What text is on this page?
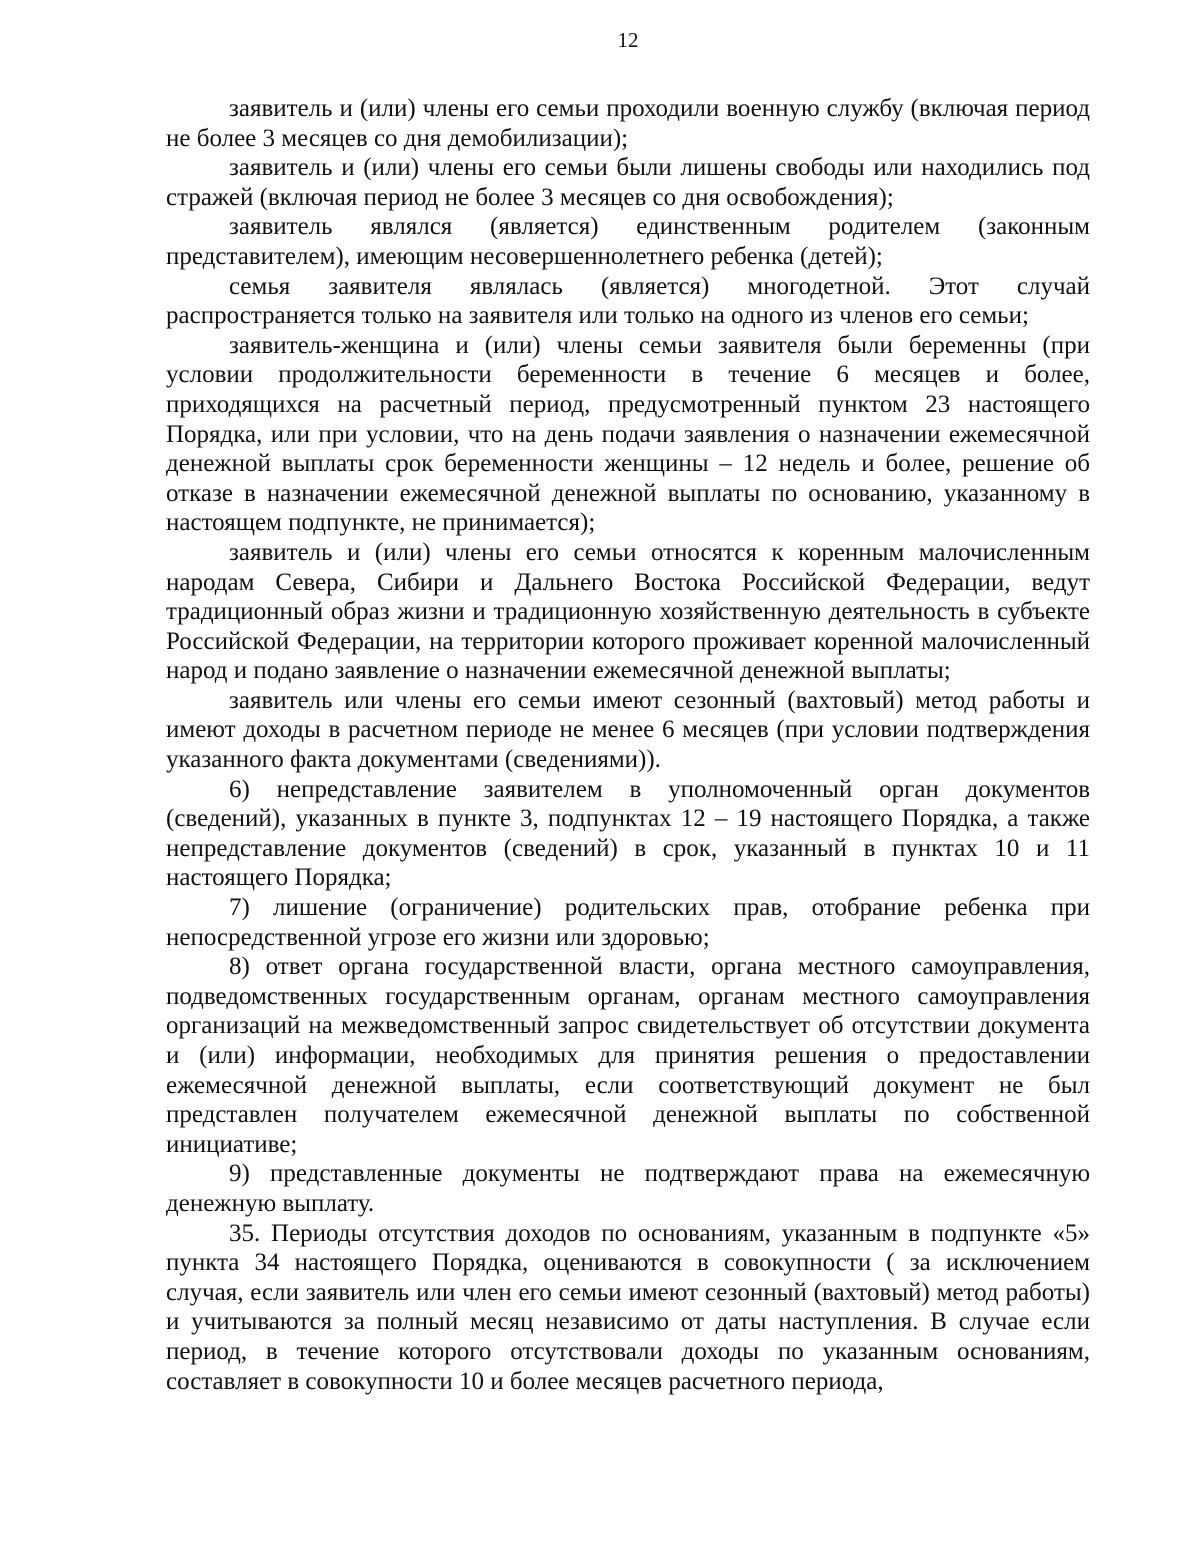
12

заявитель и (или) члены его семьи проходили военную службу (включая период не более 3 месяцев со дня демобилизации);

заявитель и (или) члены его семьи были лишены свободы или находились под стражей (включая период не более 3 месяцев со дня освобождения);

заявитель являлся (является) единственным родителем (законным представителем), имеющим несовершеннолетнего ребенка (детей);

семья заявителя являлась (является) многодетной. Этот случай распространяется только на заявителя или только на одного из членов его семьи;

заявитель-женщина и (или) члены семьи заявителя были беременны (при условии продолжительности беременности в течение 6 месяцев и более, приходящихся на расчетный период, предусмотренный пунктом 23 настоящего Порядка, или при условии, что на день подачи заявления о назначении ежемесячной денежной выплаты срок беременности женщины – 12 недель и более, решение об отказе в назначении ежемесячной денежной выплаты по основанию, указанному в настоящем подпункте, не принимается);

заявитель и (или) члены его семьи относятся к коренным малочисленным народам Севера, Сибири и Дальнего Востока Российской Федерации, ведут традиционный образ жизни и традиционную хозяйственную деятельность в субъекте Российской Федерации, на территории которого проживает коренной малочисленный народ и подано заявление о назначении ежемесячной денежной выплаты;

заявитель или члены его семьи имеют сезонный (вахтовый) метод работы и имеют доходы в расчетном периоде не менее 6 месяцев (при условии подтверждения указанного факта документами (сведениями)).

6) непредставление заявителем в уполномоченный орган документов (сведений), указанных в пункте 3, подпунктах 12 – 19 настоящего Порядка, а также непредставление документов (сведений) в срок, указанный в пунктах 10 и 11 настоящего Порядка;

7) лишение (ограничение) родительских прав, отобрание ребенка при непосредственной угрозе его жизни или здоровью;

8) ответ органа государственной власти, органа местного самоуправления, подведомственных государственным органам, органам местного самоуправления организаций на межведомственный запрос свидетельствует об отсутствии документа и (или) информации, необходимых для принятия решения о предоставлении ежемесячной денежной выплаты, если соответствующий документ не был представлен получателем ежемесячной денежной выплаты по собственной инициативе;

9) представленные документы не подтверждают права на ежемесячную денежную выплату.

35. Периоды отсутствия доходов по основаниям, указанным в подпункте «5» пункта 34 настоящего Порядка, оцениваются в совокупности ( за исключением случая, если заявитель или член его семьи имеют сезонный (вахтовый) метод работы) и учитываются за полный месяц независимо от даты наступления. В случае если период, в течение которого отсутствовали доходы по указанным основаниям, составляет в совокупности 10 и более месяцев расчетного периода,
